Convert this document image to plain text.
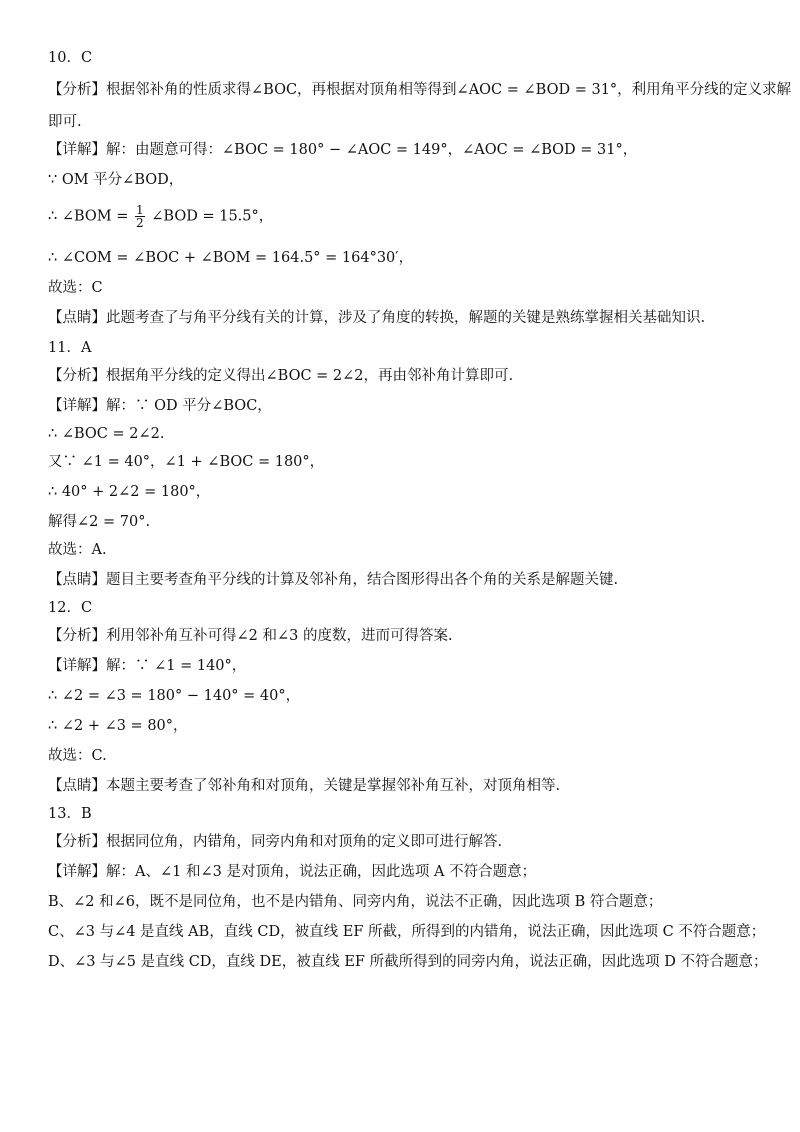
10．C
【分析】根据邻补角的性质求得∠BOC，再根据对顶角相等得到∠AOC = ∠BOD = 31°，利用角平分线的定义求解
即可.
【详解】解：由题意可得：∠BOC = 180° − ∠AOC = 149°，∠AOC = ∠BOD = 31°，
∵ OM 平分∠BOD，
∴ ∠BOM = $\frac{1}{2}$ ∠BOD = 15.5°，
∴ ∠COM = ∠BOC + ∠BOM = 164.5° = 164°30′，
故选：C
【点睛】此题考查了与角平分线有关的计算，涉及了角度的转换，解题的关键是熟练掌握相关基础知识.
11．A
【分析】根据角平分线的定义得出∠BOC = 2∠2，再由邻补角计算即可.
【详解】解：∵ OD 平分∠BOC，
∴ ∠BOC = 2∠2.
又∵ ∠1 = 40°，∠1 + ∠BOC = 180°，
∴ 40° + 2∠2 = 180°，
解得∠2 = 70°.
故选：A.
【点睛】题目主要考查角平分线的计算及邻补角，结合图形得出各个角的关系是解题关键.
12．C
【分析】利用邻补角互补可得∠2 和∠3 的度数，进而可得答案.
【详解】解：∵ ∠1 = 140°，
∴ ∠2 = ∠3 = 180° − 140° = 40°，
∴ ∠2 + ∠3 = 80°，
故选：C.
【点睛】本题主要考查了邻补角和对顶角，关键是掌握邻补角互补，对顶角相等.
13．B
【分析】根据同位角，内错角，同旁内角和对顶角的定义即可进行解答.
【详解】解：A、∠1 和∠3 是对顶角，说法正确，因此选项 A 不符合题意；
B、∠2 和∠6，既不是同位角，也不是内错角、同旁内角，说法不正确，因此选项 B 符合题意；
C、∠3 与∠4 是直线 AB，直线 CD，被直线 EF 所截，所得到的内错角，说法正确，因此选项 C 不符合题意；
D、∠3 与∠5 是直线 CD，直线 DE，被直线 EF 所截所得到的同旁内角，说法正确，因此选项 D 不符合题意；
